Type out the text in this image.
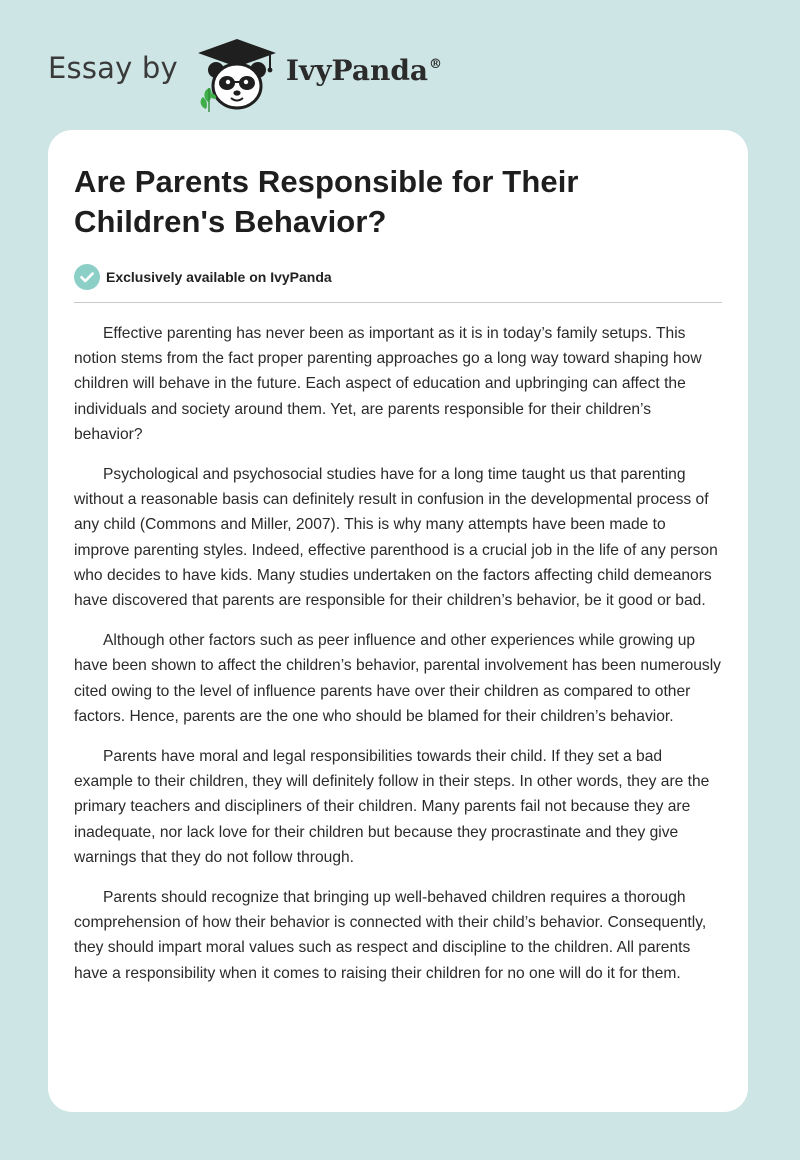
Essay by	IvyPanda®
Are Parents Responsible for Their Children's Behavior?
Exclusively available on IvyPanda

Effective parenting has never been as important as it is in today’s family setups. This notion stems from the fact proper parenting approaches go a long way toward shaping how children will behave in the future. Each aspect of education and upbringing can affect the individuals and society around them. Yet, are parents responsible for their children’s behavior?

Psychological and psychosocial studies have for a long time taught us that parenting without a reasonable basis can definitely result in confusion in the developmental process of any child (Commons and Miller, 2007). This is why many attempts have been made to improve parenting styles. Indeed, effective parenthood is a crucial job in the life of any person who decides to have kids. Many studies undertaken on the factors affecting child demeanors have discovered that parents are responsible for their children’s behavior, be it good or bad.

Although other factors such as peer influence and other experiences while growing up have been shown to affect the children’s behavior, parental involvement has been numerously cited owing to the level of influence parents have over their children as compared to other factors. Hence, parents are the one who should be blamed for their children’s behavior.

Parents have moral and legal responsibilities towards their child. If they set a bad example to their children, they will definitely follow in their steps. In other words, they are the primary teachers and discipliners of their children. Many parents fail not because they are inadequate, nor lack love for their children but because they procrastinate and they give warnings that they do not follow through.

Parents should recognize that bringing up well-behaved children requires a thorough comprehension of how their behavior is connected with their child’s behavior. Consequently, they should impart moral values such as respect and discipline to the children. All parents have a responsibility when it comes to raising their children for no one will do it for them.
